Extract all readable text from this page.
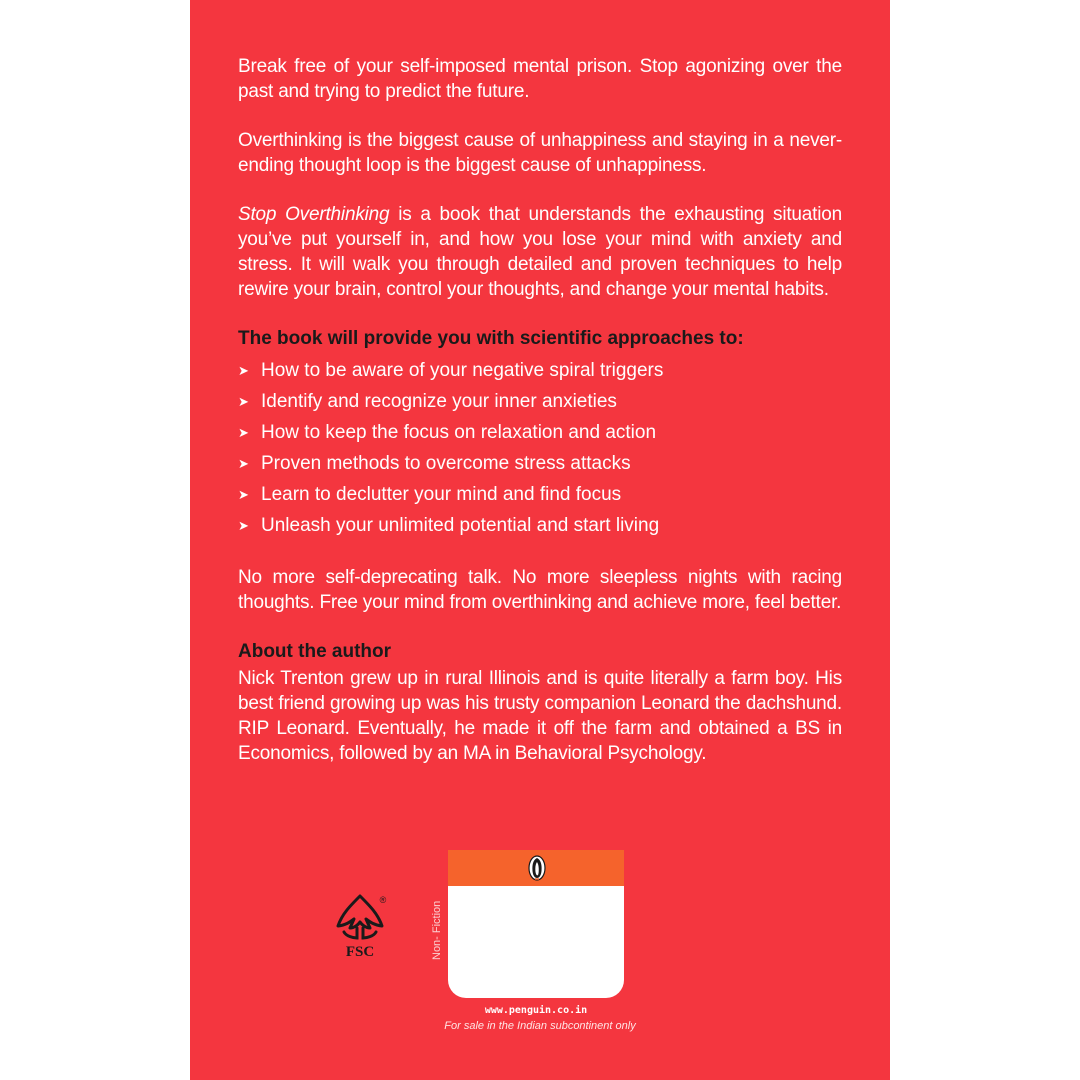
Break free of your self-imposed mental prison. Stop agonizing over the past and trying to predict the future.

Overthinking is the biggest cause of unhappiness and staying in a never-ending thought loop is the biggest cause of unhappiness.

Stop Overthinking is a book that understands the exhausting situation you’ve put yourself in, and how you lose your mind with anxiety and stress. It will walk you through detailed and proven techniques to help rewire your brain, control your thoughts, and change your mental habits.

The book will provide you with scientific approaches to:
➤ How to be aware of your negative spiral triggers
➤ Identify and recognize your inner anxieties
➤ How to keep the focus on relaxation and action
➤ Proven methods to overcome stress attacks
➤ Learn to declutter your mind and find focus
➤ Unleash your unlimited potential and start living

No more self-deprecating talk. No more sleepless nights with racing thoughts. Free your mind from overthinking and achieve more, feel better.

About the author

Nick Trenton grew up in rural Illinois and is quite literally a farm boy. His best friend growing up was his trusty companion Leonard the dachshund. RIP Leonard. Eventually, he made it off the farm and obtained a BS in Economics, followed by an MA in Behavioral Psychology.

FSC
®
Non- Fiction
www.penguin.co.in
For sale in the Indian subcontinent only
